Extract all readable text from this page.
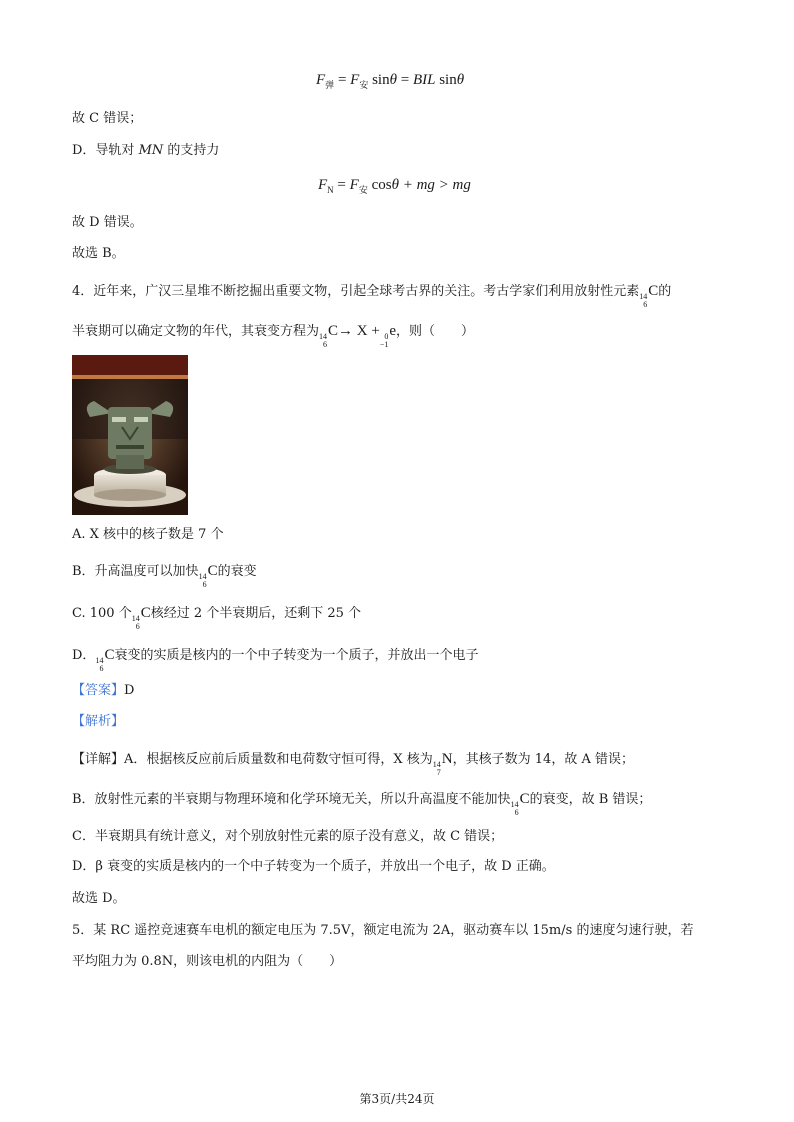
$F_弹 = F_安$ sinθ = BIL sinθ
故 C 错误；
D．导轨对 MN 的支持力
$F_N = F_安$ cosθ + mg > mg
故 D 错误。
故选 B。
4．近年来，广汉三星堆不断挖掘出重要文物，引起全球考古界的关注。考古学家们利用放射性元素 14
6
C的
半衰期可以确定文物的年代，其衰变方程为 14
6
C→ X + 0
−1
e，则（　　）
A. X 核中的核子数是 7 个
B．升高温度可以加快 14
6
C的衰变
C. 100 个 14
6
C核经过 2 个半衰期后，还剩下 25 个
D． 14
6
C衰变的实质是核内的一个中子转变为一个质子，并放出一个电子
【答案】D
【解析】
【详解】A．根据核反应前后质量数和电荷数守恒可得，X 核为 14
7
N，其核子数为 14，故 A 错误；
B．放射性元素的半衰期与物理环境和化学环境无关，所以升高温度不能加快 14
6
C的衰变，故 B 错误；
C．半衰期具有统计意义，对个别放射性元素的原子没有意义，故 C 错误；
D．β 衰变的实质是核内的一个中子转变为一个质子，并放出一个电子，故 D 正确。
故选 D。
5．某 RC 遥控竞速赛车电机的额定电压为 7.5V，额定电流为 2A，驱动赛车以 15m/s 的速度匀速行驶，若
平均阻力为 0.8N，则该电机的内阻为（　　）
第3页/共24页
